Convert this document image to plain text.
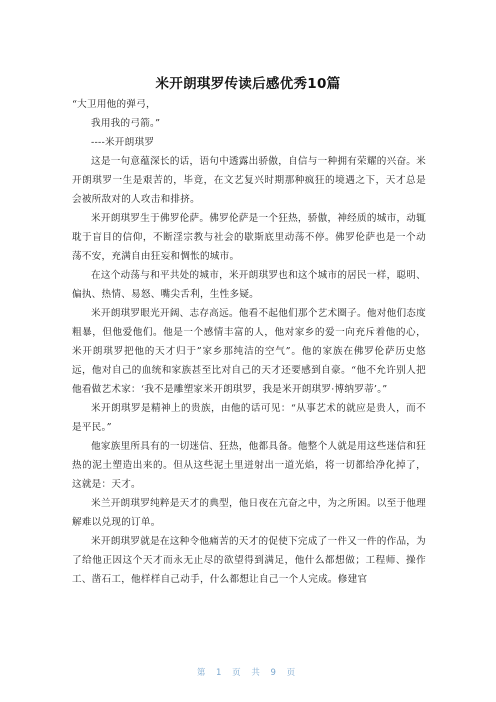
米开朗琪罗传读后感优秀10篇

“大卫用他的弹弓，

我用我的弓箭。”

----米开朗琪罗

这是一句意蕴深长的话，语句中透露出骄傲，自信与一种拥有荣耀的兴奋。米开朗琪罗一生是艰苦的，毕竟，在文艺复兴时期那种疯狂的境遇之下，天才总是会被所敌对的人攻击和排挤。

米开朗琪罗生于佛罗伦萨。佛罗伦萨是一个狂热，骄傲，神经质的城市，动辄耽于盲目的信仰，不断淫宗教与社会的歇斯底里动荡不停。佛罗伦萨也是一个动荡不安，充满自由狂妄和惆怅的城市。

在这个动荡与和平共处的城市，米开朗琪罗也和这个城市的居民一样，聪明、偏执、热情、易怒、嘴尖舌利，生性多疑。

米开朗琪罗眼光开阔、志存高远。他看不起他们那个艺术圈子。他对他们态度粗暴，但他爱他们。他是一个感情丰富的人，他对家乡的爱一向充斥着他的心，米开朗琪罗把他的天才归于”家乡那纯洁的空气”。他的家族在佛罗伦萨历史悠远，他对自己的血统和家族甚至比对自己的天才还要感到自豪。“他不允许别人把他看做艺术家：‘我不是雕塑家米开朗琪罗，我是米开朗琪罗·博纳罗蒂’。”

米开朗琪罗是精神上的贵族，由他的话可见：“从事艺术的就应是贵人，而不是平民。”

他家族里所具有的一切迷信、狂热，他都具备。他整个人就是用这些迷信和狂热的泥土塑造出来的。但从这些泥土里迸射出一道光焰，将一切都给净化掉了，这就是：天才。

米兰开朗琪罗纯粹是天才的典型，他日夜在亢奋之中，为之所困。以至于他理解难以兑现的订单。

米开朗琪罗就是在这种令他痛苦的天才的促使下完成了一件又一件的作品，为了给他正因这个天才而永无止尽的欲望得到满足，他什么都想做；工程师、操作工、凿石工，他样样自己动手，什么都想让自己一个人完成。修建官

第 1 页 共 9 页
